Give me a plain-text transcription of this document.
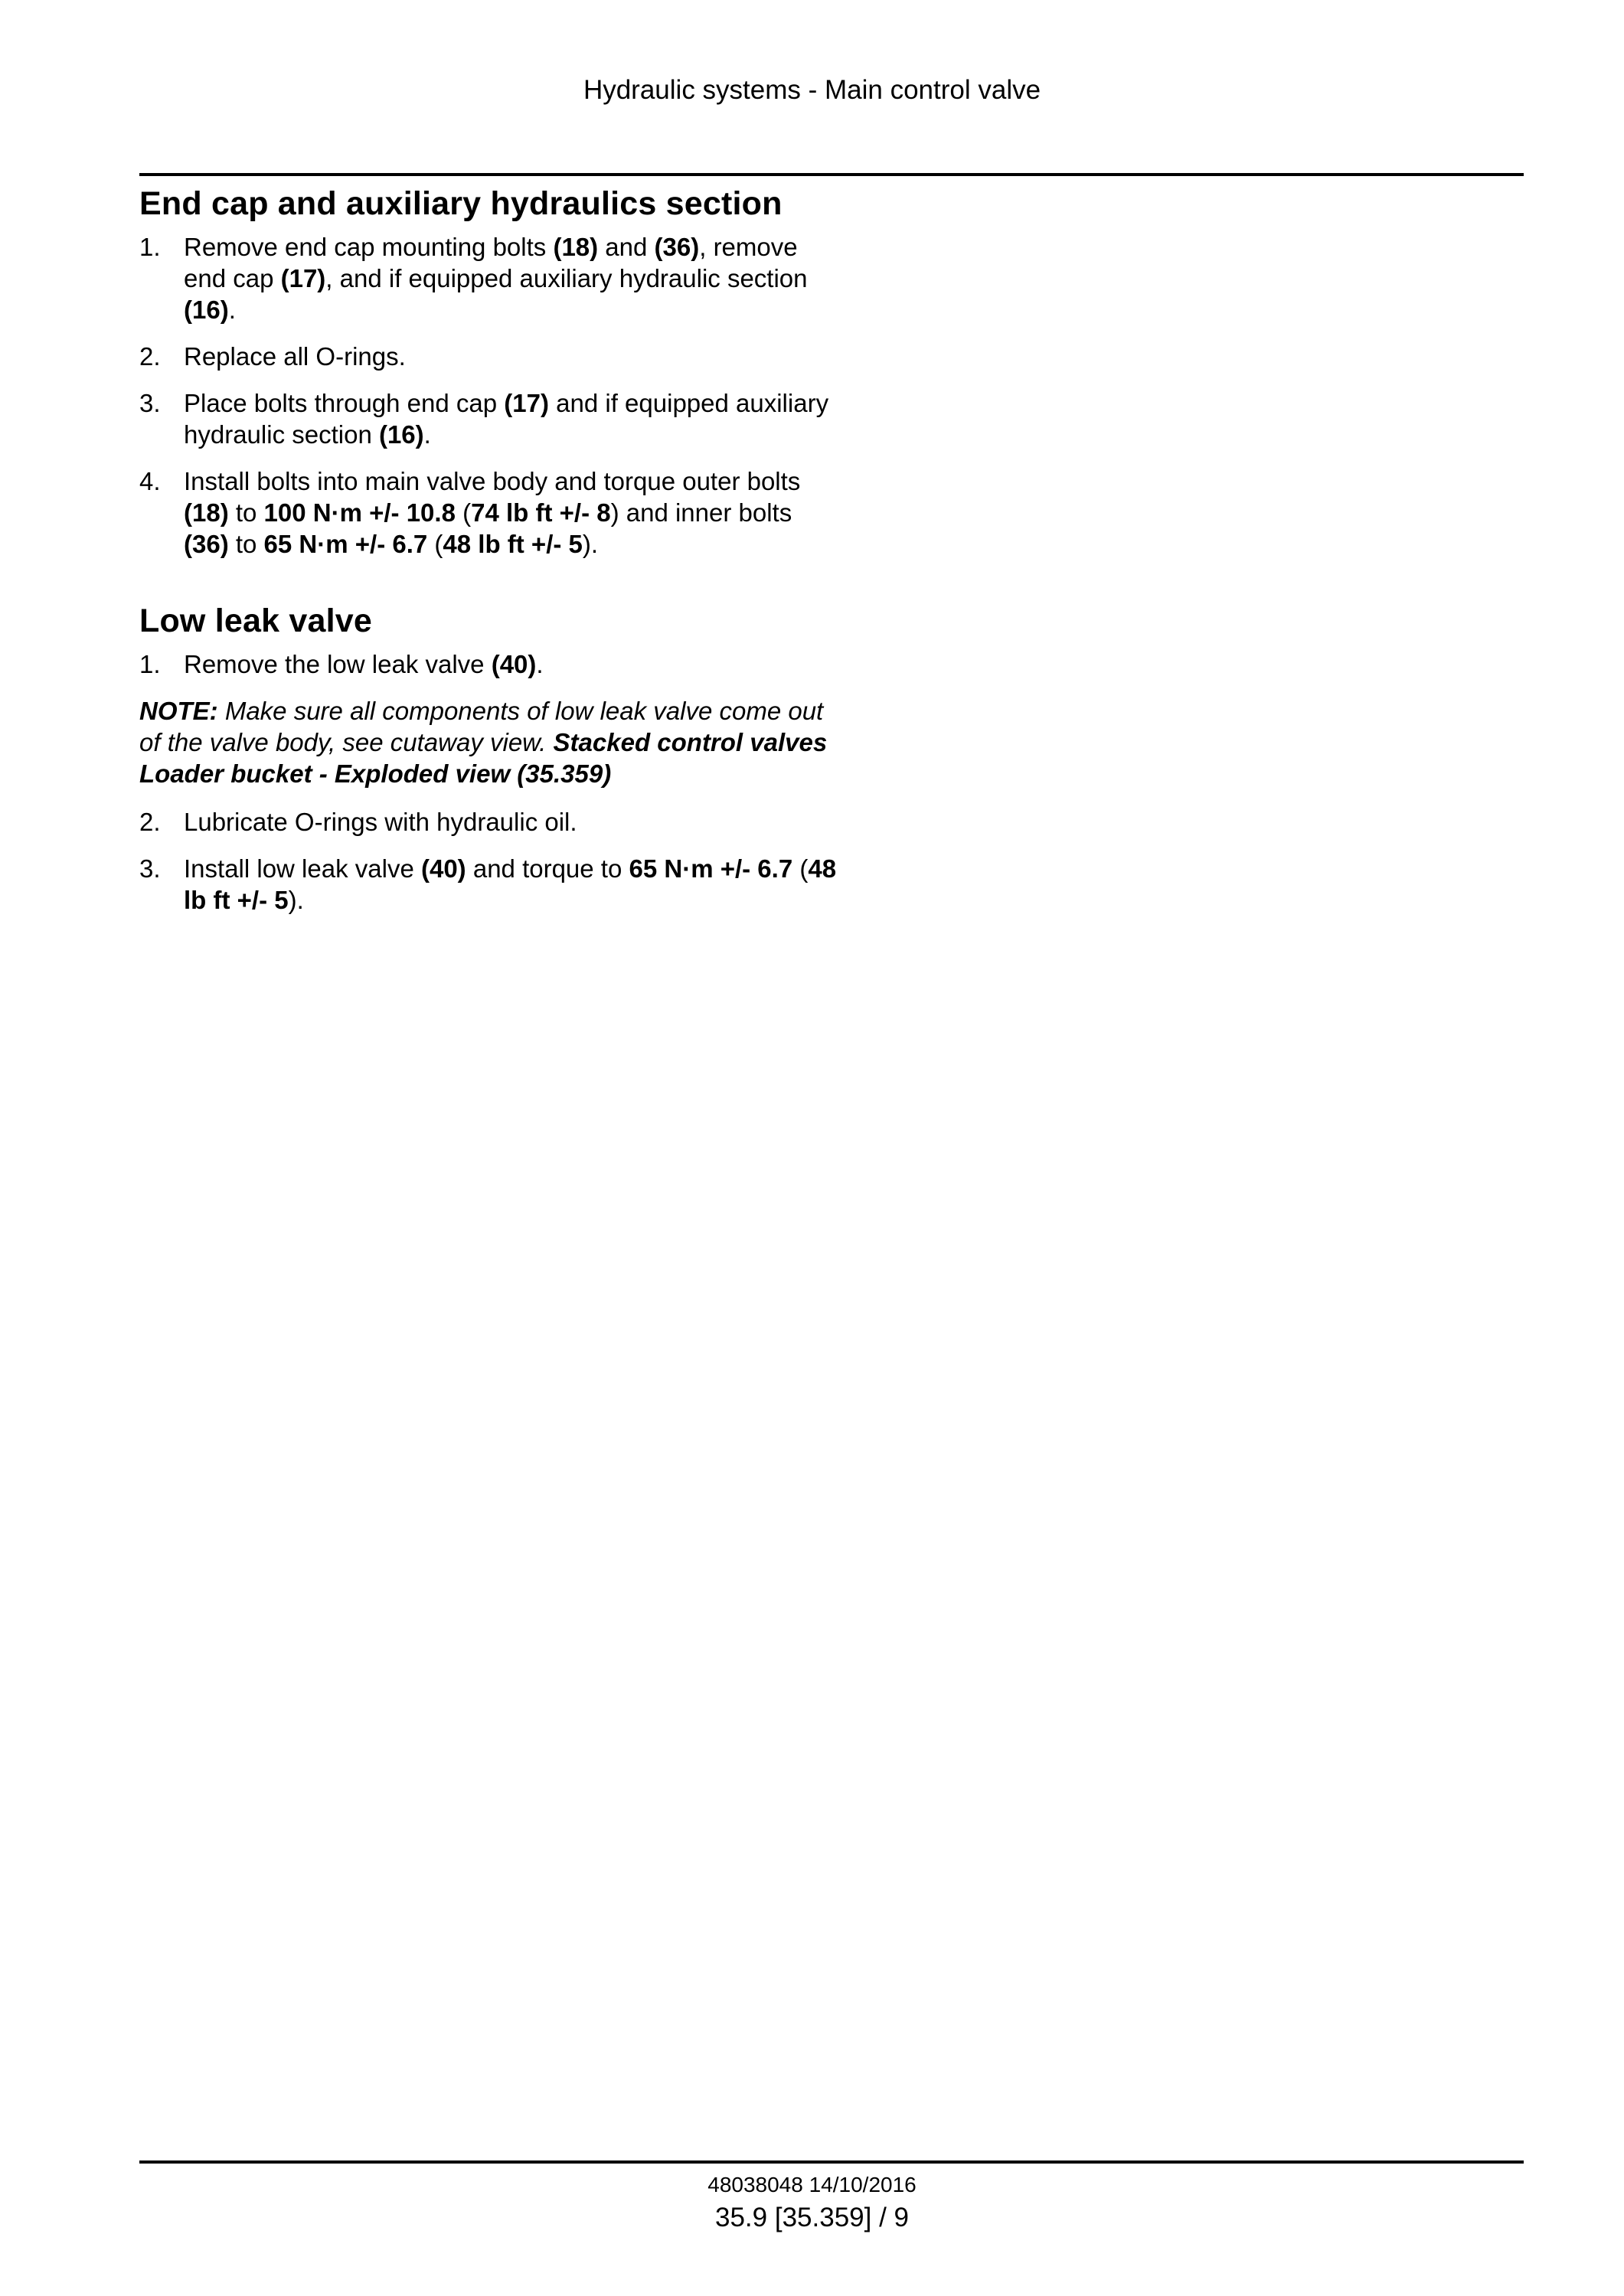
Hydraulic systems - Main control valve
End cap and auxiliary hydraulics section
1. Remove end cap mounting bolts (18) and (36), remove end cap (17), and if equipped auxiliary hydraulic section (16).
2. Replace all O-rings.
3. Place bolts through end cap (17) and if equipped auxiliary hydraulic section (16).
4. Install bolts into main valve body and torque outer bolts (18) to 100 N·m +/- 10.8 (74 lb ft +/- 8) and inner bolts (36) to 65 N·m +/- 6.7 (48 lb ft +/- 5).
Low leak valve
1. Remove the low leak valve (40).

NOTE: Make sure all components of low leak valve come out of the valve body, see cutaway view. Stacked control valves Loader bucket - Exploded view (35.359)

2. Lubricate O-rings with hydraulic oil.
3. Install low leak valve (40) and torque to 65 N·m +/- 6.7 (48 lb ft +/- 5).
48038048 14/10/2016
35.9 [35.359] / 9
